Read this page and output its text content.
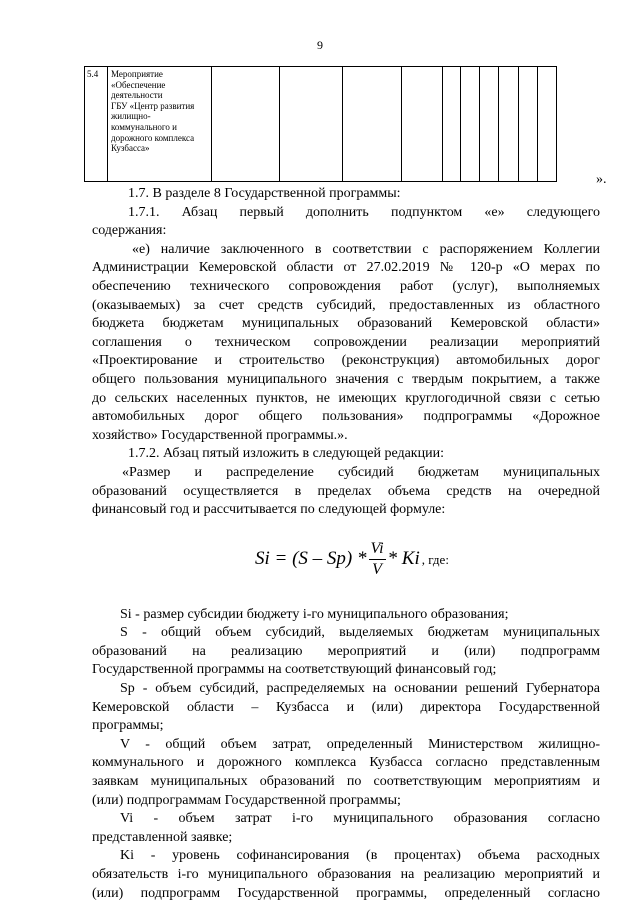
9
5.4	Мероприятие
«Обеспечение
деятельности
ГБУ «Центр развития
жилищно-
коммунального и
дорожного комплекса
Кузбасса»

».
1.7. В разделе 8 Государственной программы:
1.7.1. Абзац первый дополнить подпунктом «е» следующего
содержания:
«е) наличие заключенного в соответствии с распоряжением Коллегии
Администрации Кемеровской области от 27.02.2019 № 120-р «О мерах по
обеспечению технического сопровождения работ (услуг), выполняемых
(оказываемых) за счет средств субсидий, предоставленных из областного
бюджета бюджетам муниципальных образований Кемеровской области»
соглашения о техническом сопровождении реализации мероприятий
«Проектирование и строительство (реконструкция) автомобильных дорог
общего пользования муниципального значения с твердым покрытием, а также
до сельских населенных пунктов, не имеющих круглогодичной связи с сетью
автомобильных дорог общего пользования» подпрограммы «Дорожное
хозяйство» Государственной программы.».
1.7.2. Абзац пятый изложить в следующей редакции:
«Размер и распределение субсидий бюджетам муниципальных
образований осуществляется в пределах объема средств на очередной
финансовый год и рассчитывается по следующей формуле:
$Si = (S - Sp) * \frac{Vi}{V} * Ki$ , где:
Si - размер субсидии бюджету i-го муниципального образования;
S - общий объем субсидий, выделяемых бюджетам муниципальных
образований на реализацию мероприятий и (или) подпрограмм
Государственной программы на соответствующий финансовый год;
Sp - объем субсидий, распределяемых на основании решений Губернатора
Кемеровской области – Кузбасса и (или) директора Государственной
программы;
V - общий объем затрат, определенный Министерством жилищно-
коммунального и дорожного комплекса Кузбасса согласно представленным
заявкам муниципальных образований по соответствующим мероприятиям и
(или) подпрограммам Государственной программы;
Vi - объем затрат i-го муниципального образования согласно
представленной заявке;
Ki - уровень софинансирования (в процентах) объема расходных
обязательств i-го муниципального образования на реализацию мероприятий и
(или) подпрограмм Государственной программы, определенный согласно
